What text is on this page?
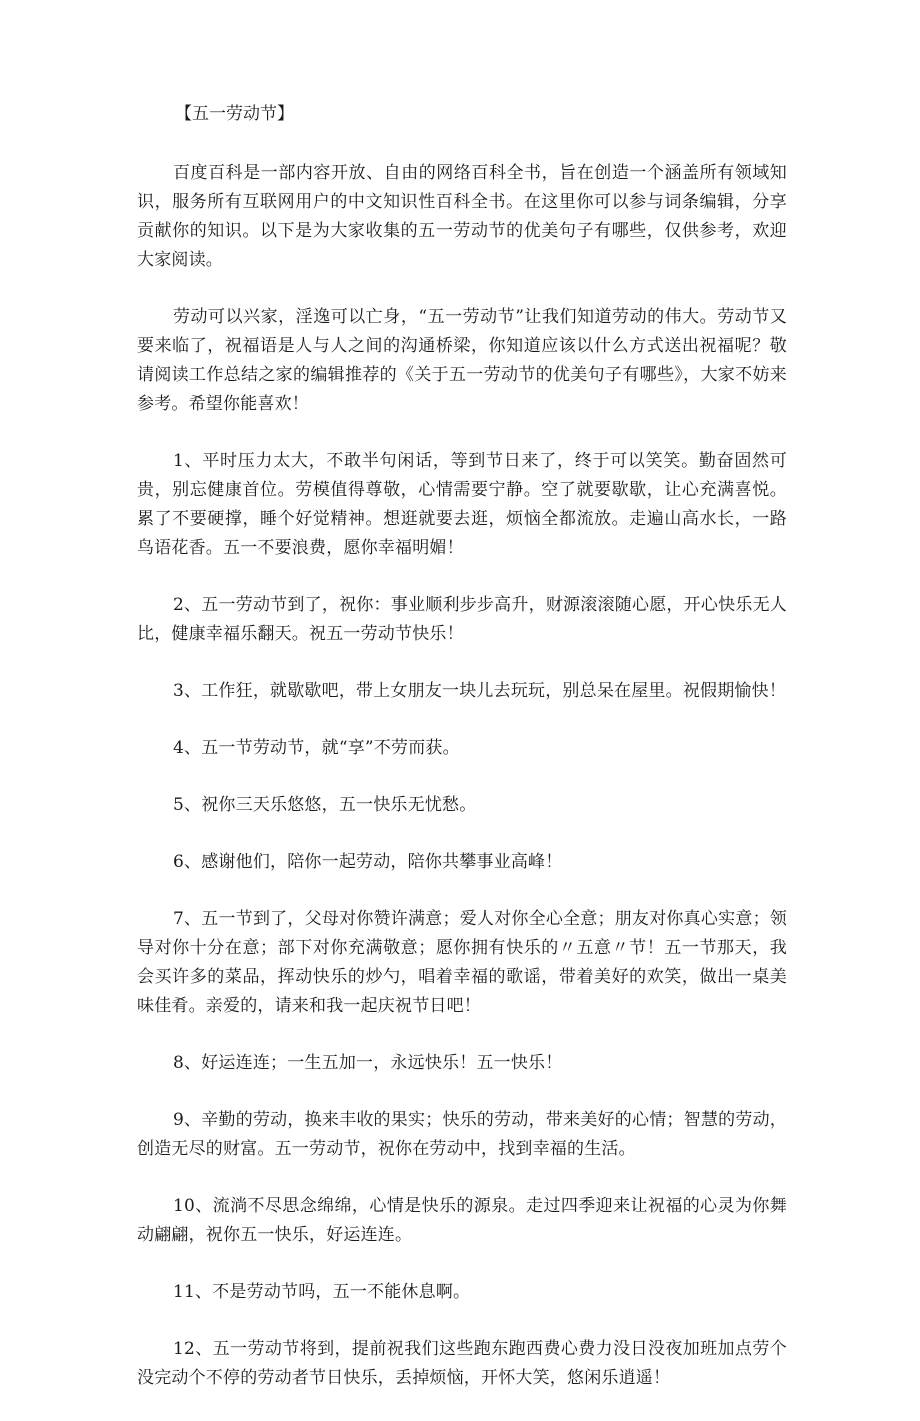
【五一劳动节】

百度百科是一部内容开放、自由的网络百科全书，旨在创造一个涵盖所有领域知识，服务所有互联网用户的中文知识性百科全书。在这里你可以参与词条编辑，分享贡献你的知识。以下是为大家收集的五一劳动节的优美句子有哪些，仅供参考，欢迎大家阅读。

劳动可以兴家，淫逸可以亡身，“五一劳动节”让我们知道劳动的伟大。劳动节又要来临了，祝福语是人与人之间的沟通桥梁，你知道应该以什么方式送出祝福呢？敬请阅读工作总结之家的编辑推荐的《关于五一劳动节的优美句子有哪些》，大家不妨来参考。希望你能喜欢！

1、平时压力太大，不敢半句闲话，等到节日来了，终于可以笑笑。勤奋固然可贵，别忘健康首位。劳模值得尊敬，心情需要宁静。空了就要歇歇，让心充满喜悦。累了不要硬撑，睡个好觉精神。想逛就要去逛，烦恼全都流放。走遍山高水长，一路鸟语花香。五一不要浪费，愿你幸福明媚！

2、五一劳动节到了，祝你：事业顺利步步高升，财源滚滚随心愿，开心快乐无人比，健康幸福乐翻天。祝五一劳动节快乐！

3、工作狂，就歇歇吧，带上女朋友一块儿去玩玩，别总呆在屋里。祝假期愉快！

4、五一节劳动节，就“享”不劳而获。

5、祝你三天乐悠悠，五一快乐无忧愁。

6、感谢他们，陪你一起劳动，陪你共攀事业高峰！

7、五一节到了，父母对你赞许满意；爱人对你全心全意；朋友对你真心实意；领导对你十分在意；部下对你充满敬意；愿你拥有快乐的〃五意〃节！五一节那天，我会买许多的菜品，挥动快乐的炒勺，唱着幸福的歌谣，带着美好的欢笑，做出一桌美味佳肴。亲爱的，请来和我一起庆祝节日吧！

8、好运连连；一生五加一，永远快乐！五一快乐！

9、辛勤的劳动，换来丰收的果实；快乐的劳动，带来美好的心情；智慧的劳动，创造无尽的财富。五一劳动节，祝你在劳动中，找到幸福的生活。

10、流淌不尽思念绵绵，心情是快乐的源泉。走过四季迎来让祝福的心灵为你舞动翩翩，祝你五一快乐，好运连连。

11、不是劳动节吗，五一不能休息啊。

12、五一劳动节将到，提前祝我们这些跑东跑西费心费力没日没夜加班加点劳个没完动个不停的劳动者节日快乐，丢掉烦恼，开怀大笑，悠闲乐逍遥！
